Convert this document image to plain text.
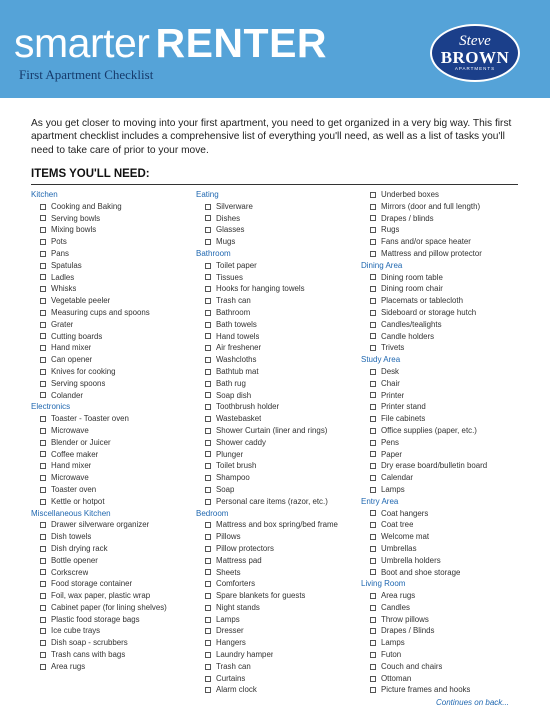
smarter RENTER
First Apartment Checklist
Steve
BROWN
APARTMENTS

As you get closer to moving into your first apartment, you need to get organized in a very big way. This first apartment checklist includes a comprehensive list of everything you'll need, as well as a list of tasks you'll need to take care of prior to your move.

ITEMS YOU'LL NEED:
Kitchen
Cooking and Baking
Serving bowls
Mixing bowls
Pots
Pans
Spatulas
Ladles
Whisks
Vegetable peeler
Measuring cups and spoons
Grater
Cutting boards
Hand mixer
Can opener
Knives for cooking
Serving spoons
Colander
Electronics
Toaster - Toaster oven
Microwave
Blender or Juicer
Coffee maker
Hand mixer
Microwave
Toaster oven
Kettle or hotpot
Miscellaneous Kitchen
Drawer silverware organizer
Dish towels
Dish drying rack
Bottle opener
Corkscrew
Food storage container
Foil, wax paper, plastic wrap
Cabinet paper (for lining shelves)
Plastic food storage bags
Ice cube trays
Dish soap - scrubbers
Trash cans with bags
Area rugs
Eating
Silverware
Dishes
Glasses
Mugs
Bathroom
Toilet paper
Tissues
Hooks for hanging towels
Trash can
Bathroom
Bath towels
Hand towels
Air freshener
Washcloths
Bathtub mat
Bath rug
Soap dish
Toothbrush holder
Wastebasket
Shower Curtain (liner and rings)
Shower caddy
Plunger
Toilet brush
Shampoo
Soap
Personal care items (razor, etc.)
Bedroom
Mattress and box spring/bed frame
Pillows
Pillow protectors
Mattress pad
Sheets
Comforters
Spare blankets for guests
Night stands
Lamps
Dresser
Hangers
Laundry hamper
Trash can
Curtains
Alarm clock
Underbed boxes
Mirrors (door and full length)
Drapes / blinds
Rugs
Fans and/or space heater
Mattress and pillow protector
Dining Area
Dining room table
Dining room chair
Placemats or tablecloth
Sideboard or storage hutch
Candles/tealights
Candle holders
Trivets
Study Area
Desk
Chair
Printer
Printer stand
File cabinets
Office supplies (paper, etc.)
Pens
Paper
Dry erase board/bulletin board
Calendar
Lamps
Entry Area
Coat hangers
Coat tree
Welcome mat
Umbrellas
Umbrella holders
Boot and shoe storage
Living Room
Area rugs
Candles
Throw pillows
Drapes / Blinds
Lamps
Futon
Couch and chairs
Ottoman
Picture frames and hooks
Continues on back...
